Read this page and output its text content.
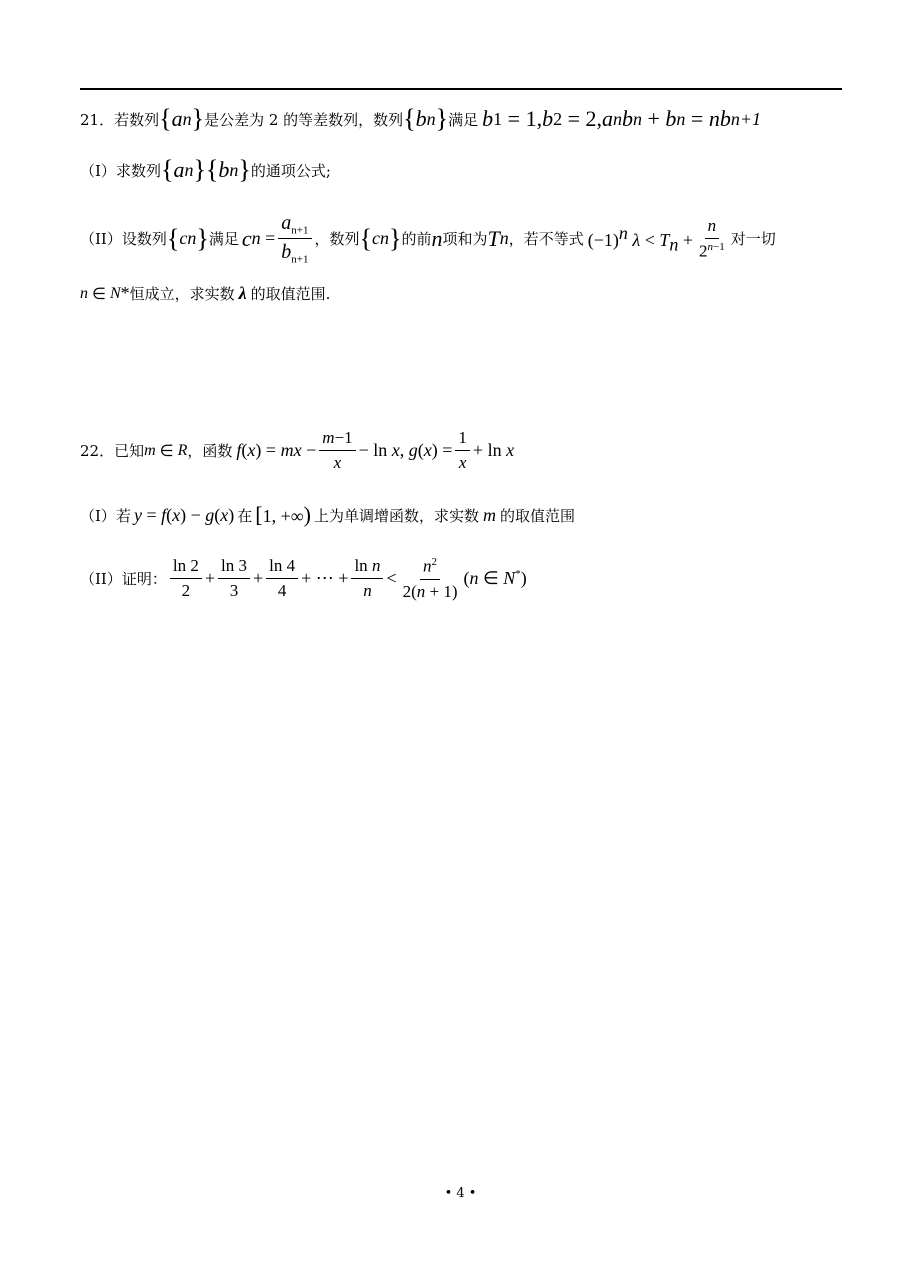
21． 若数列 { a n } 是公差为 2 的等差数列，数列 { b n } 满足 b 1 = 1, b 2 = 2, a n b n + b n = nb n+1
（I） 求数列 { a n } { b n } 的通项公式;
（II） 设数列 { c n } 满足 c $n = \frac{a_{n+1}}{b_{n+1}}$ ，数列 { c n } 的前 n 项和为 T n ，若不等式 $(-1)^n$ $\lambda < T_n + \frac{n}{2^{n-1}}$ 对一切
n ∈ N * 恒成立，求实数 λ 的取值范围.
22． 已知 m ∈ R ，函数 f(x) = mx − $\frac{m-1}{x} - \ln x$, $g(x) = \frac{1}{x} + \ln x$
（I） 若 y = f(x) − g(x) 在 [1, +∞) 上为单调增函数，求实数 m 的取值范围
（II） 证明： $\frac{\ln 2}{2} + \frac{\ln 3}{3} + \frac{\ln 4}{4}$ + ⋯ + $\frac{\text{ln n}}{n} < \frac{n^2}{2(n + 1)} (n$ ∈ N*)
• 4 •
